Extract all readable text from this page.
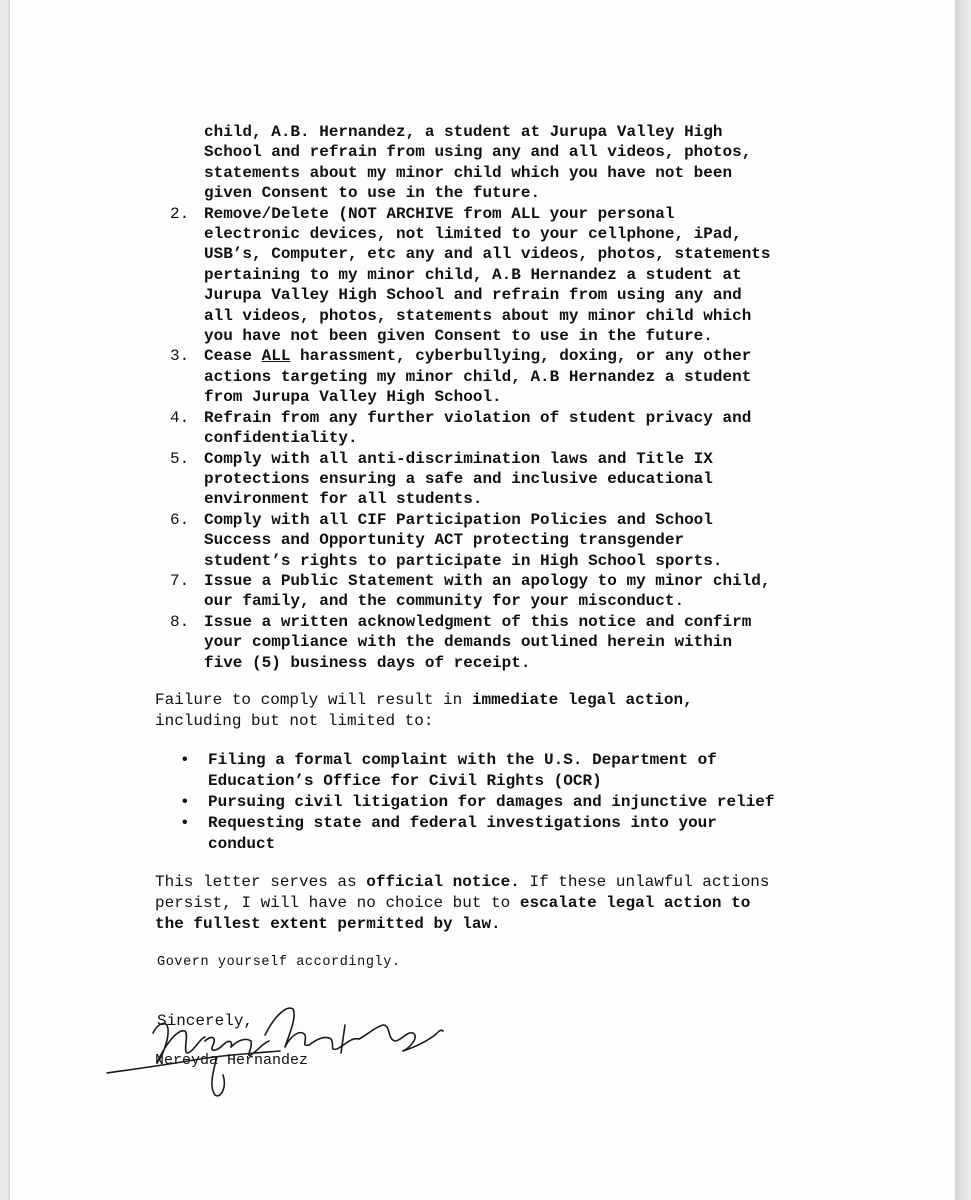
child, A.B. Hernandez, a student at Jurupa Valley High
School and refrain from using any and all videos, photos,
statements about my minor child which you have not been
given Consent to use in the future.
2. Remove/Delete (NOT ARCHIVE from ALL your personal
electronic devices, not limited to your cellphone, iPad,
USB’s, Computer, etc any and all videos, photos, statements
pertaining to my minor child, A.B Hernandez a student at
Jurupa Valley High School and refrain from using any and
all videos, photos, statements about my minor child which
you have not been given Consent to use in the future.
3. Cease ALL harassment, cyberbullying, doxing, or any other
actions targeting my minor child, A.B Hernandez a student
from Jurupa Valley High School.
4. Refrain from any further violation of student privacy and
confidentiality.
5. Comply with all anti-discrimination laws and Title IX
protections ensuring a safe and inclusive educational
environment for all students.
6. Comply with all CIF Participation Policies and School
Success and Opportunity ACT protecting transgender
student’s rights to participate in High School sports.
7. Issue a Public Statement with an apology to my minor child,
our family, and the community for your misconduct.
8. Issue a written acknowledgment of this notice and confirm
your compliance with the demands outlined herein within
five (5) business days of receipt.

Failure to comply will result in immediate legal action,
including but not limited to:

• Filing a formal complaint with the U.S. Department of
Education’s Office for Civil Rights (OCR)
• Pursuing civil litigation for damages and injunctive relief
• Requesting state and federal investigations into your
conduct

This letter serves as official notice. If these unlawful actions
persist, I will have no choice but to escalate legal action to
the fullest extent permitted by law.

Govern yourself accordingly.
Sincerely,
Nereyda Hernandez
